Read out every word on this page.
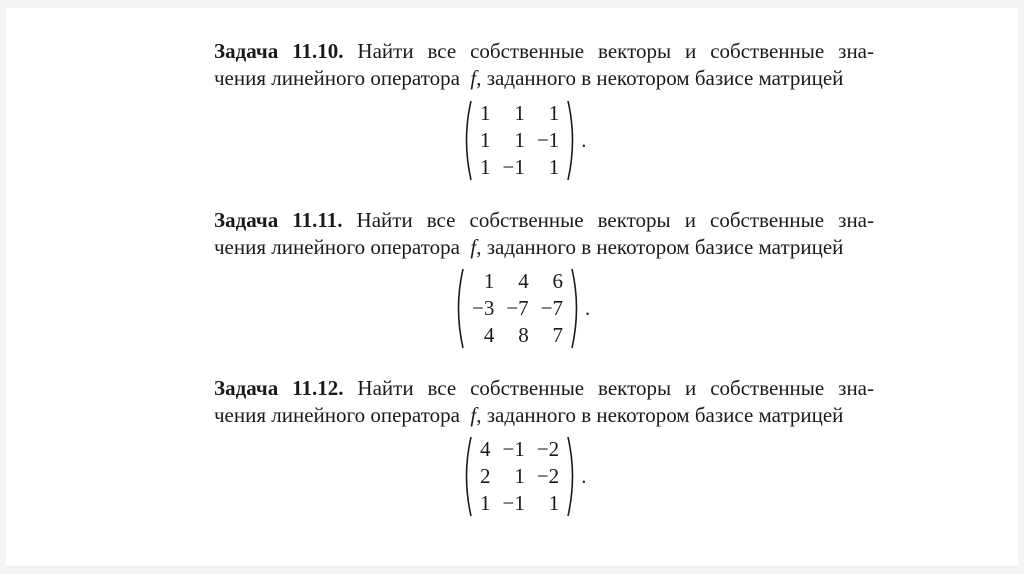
Задача 11.10. Найти все собственные векторы и собственные зна-

чения линейного оператора f, заданного в некотором базисе матрицей

1	1	1
1	1	−1
1	−1	1
.

Задача 11.11. Найти все собственные векторы и собственные зна-

чения линейного оператора f, заданного в некотором базисе матрицей

1	4	6
−3	−7	−7
4	8	7
.

Задача 11.12. Найти все собственные векторы и собственные зна-

чения линейного оператора f, заданного в некотором базисе матрицей

4	−1	−2
2	1	−2
1	−1	1
.
